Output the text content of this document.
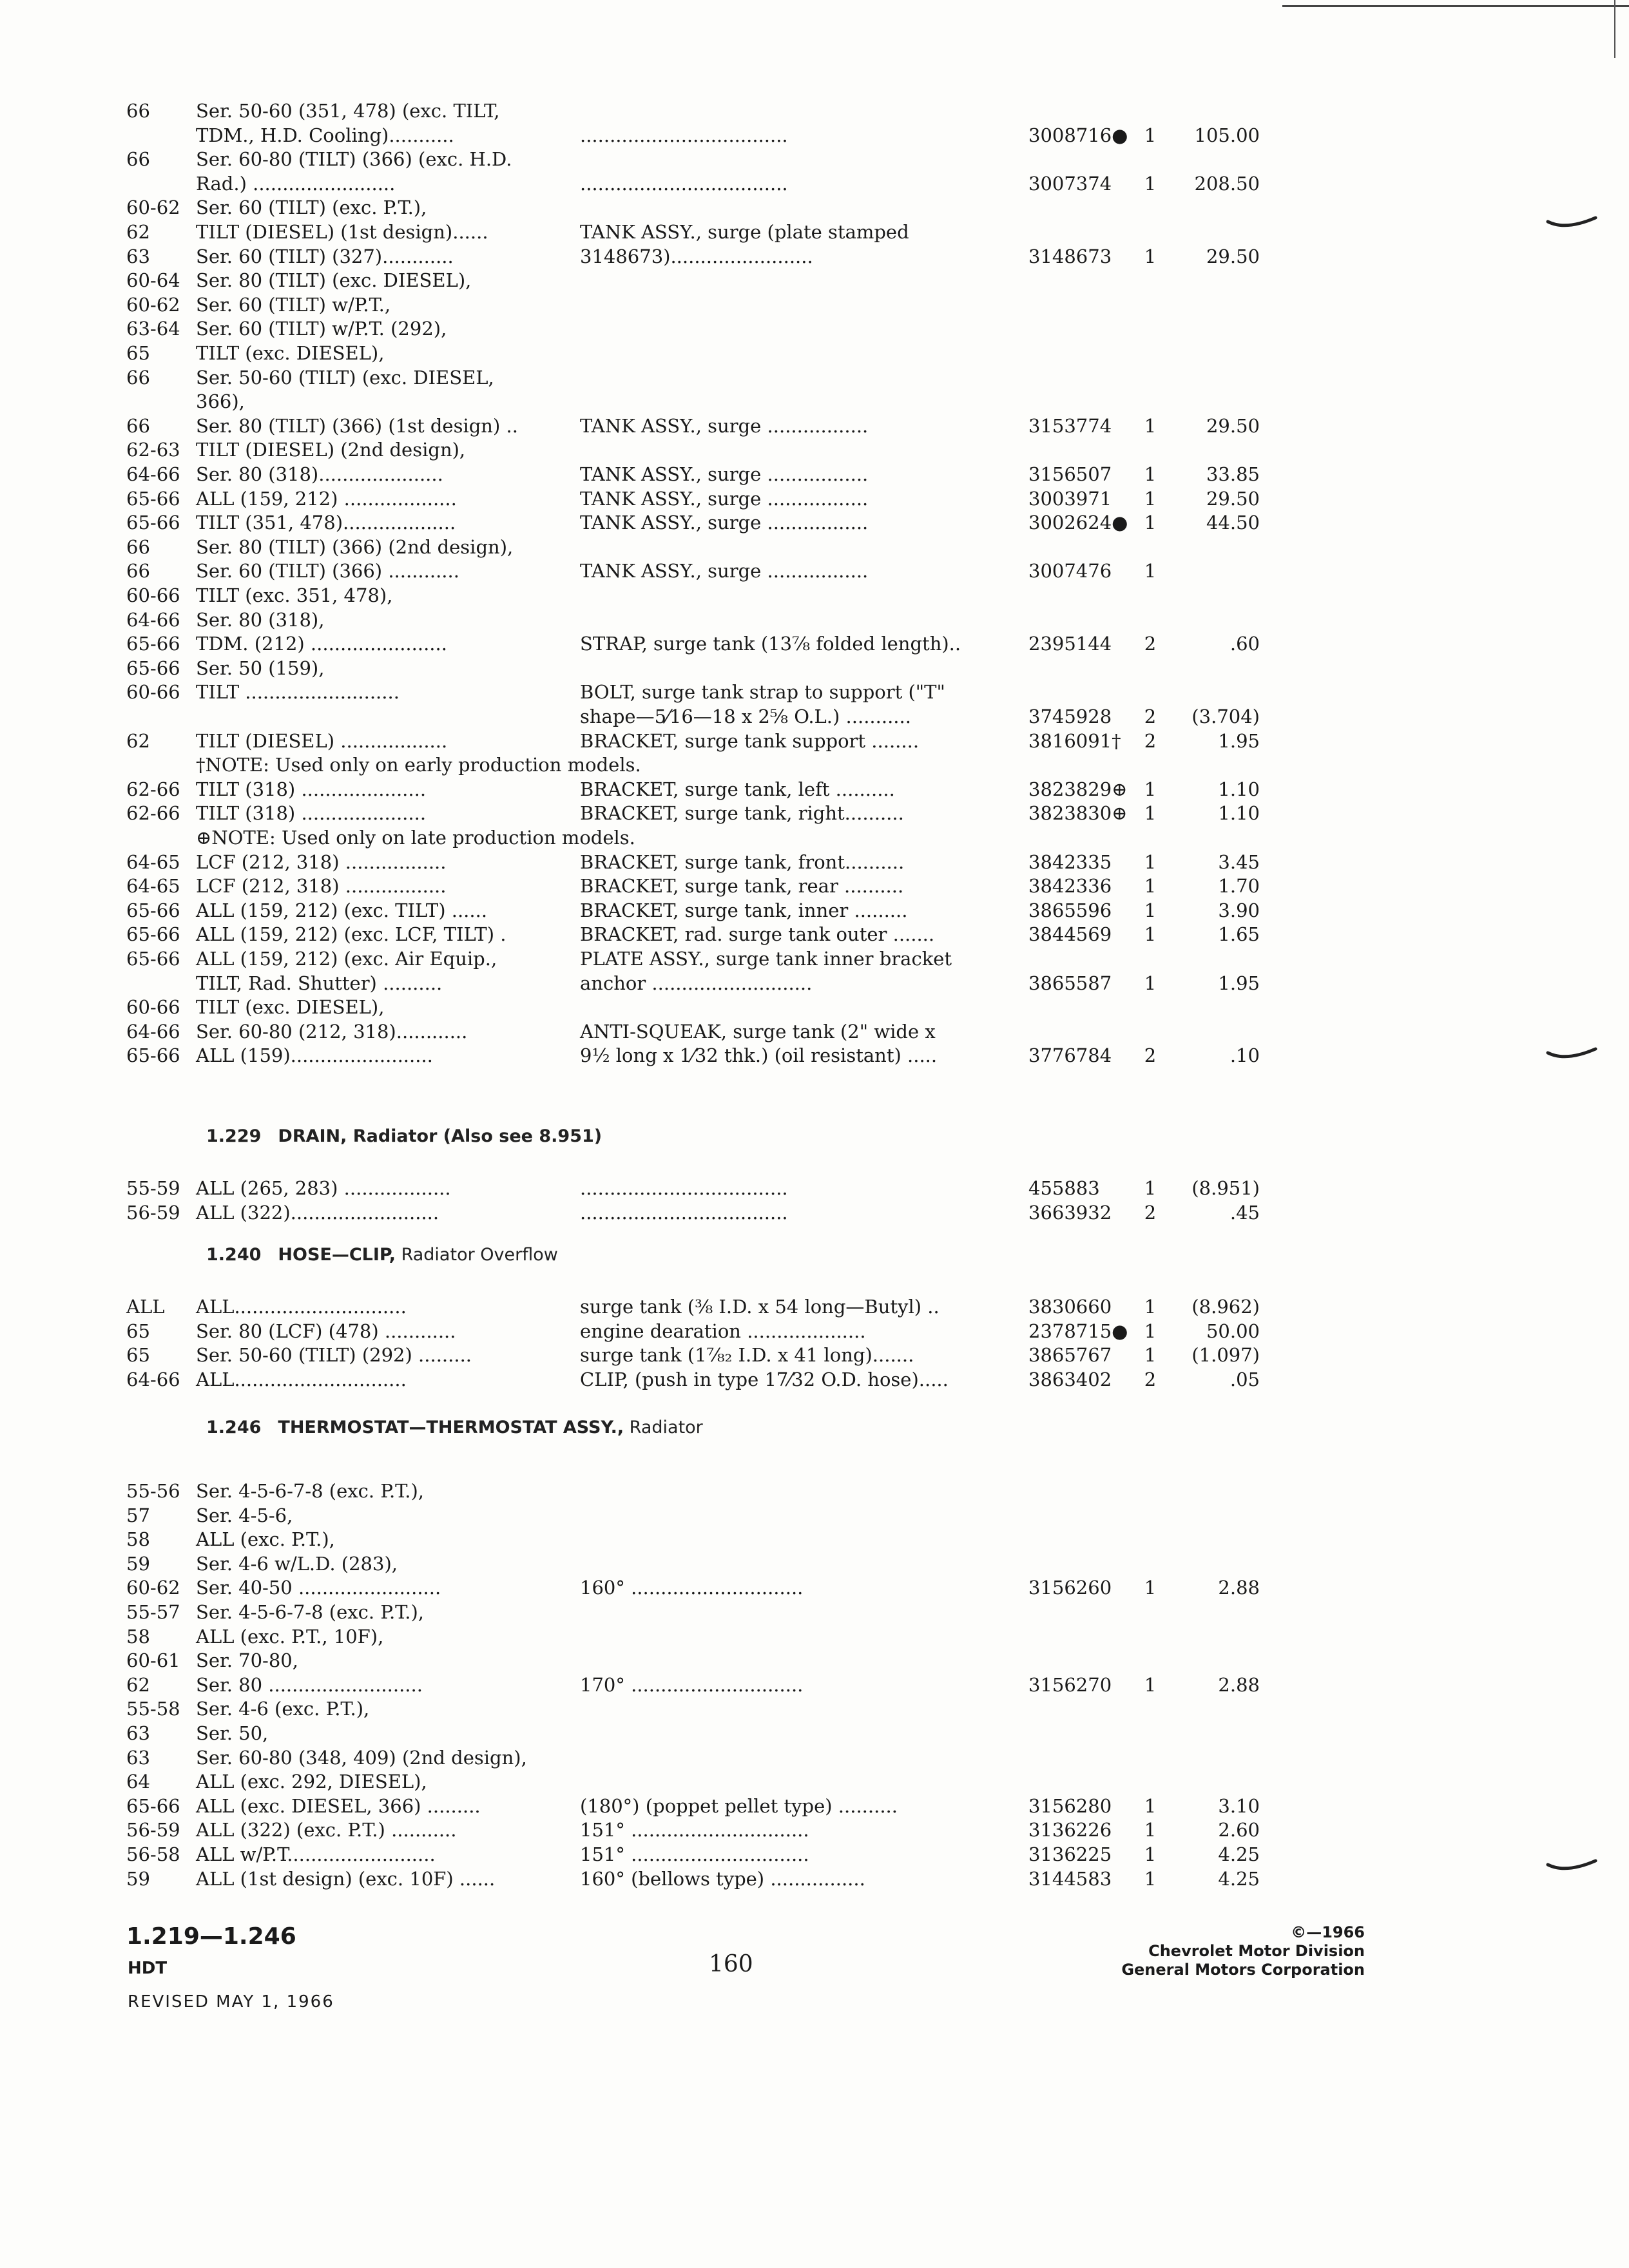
66 Ser. 50-60 (351, 478) (exc. TILT,
TDM., H.D. Cooling)...........	...................................	3008716● 1	105.00
66 Ser. 60-80 (TILT) (366) (exc. H.D.
Rad.) ........................	...................................	3007374	1	208.50
60-62 Ser. 60 (TILT) (exc. P.T.),
62 TILT (DIESEL) (1st design)......	TANK ASSY., surge (plate stamped
63 Ser. 60 (TILT) (327)............	3148673)........................	3148673	1	29.50
60-64 Ser. 80 (TILT) (exc. DIESEL),
60-62 Ser. 60 (TILT) w/P.T.,
63-64 Ser. 60 (TILT) w/P.T. (292),
65 TILT (exc. DIESEL),
66 Ser. 50-60 (TILT) (exc. DIESEL,
366),
66 Ser. 80 (TILT) (366) (1st design) ..	TANK ASSY., surge .................	3153774	1	29.50
62-63 TILT (DIESEL) (2nd design),
64-66 Ser. 80 (318).....................	TANK ASSY., surge .................	3156507	1	33.85
65-66 ALL (159, 212) ...................	TANK ASSY., surge .................	3003971	1	29.50
65-66 TILT (351, 478)...................	TANK ASSY., surge .................	3002624● 1	44.50
66 Ser. 80 (TILT) (366) (2nd design),
66 Ser. 60 (TILT) (366) ............	TANK ASSY., surge .................	3007476	1
60-66 TILT (exc. 351, 478),
64-66 Ser. 80 (318),
65-66 TDM. (212) .......................	STRAP, surge tank (13⅞ folded length)..	2395144	2	.60
65-66 Ser. 50 (159),
60-66 TILT ..........................	BOLT, surge tank strap to support ("T"
shape—5⁄16—18 x 2⅝ O.L.) ...........	3745928	2	(3.704)
62 TILT (DIESEL) ..................	BRACKET, surge tank support ........	3816091†	2	1.95
†NOTE: Used only on early production models.
62-66 TILT (318) .....................	BRACKET, surge tank, left ..........	3823829⊕ 1	1.10
62-66 TILT (318) .....................	BRACKET, surge tank, right..........	3823830⊕ 1	1.10
⊕NOTE: Used only on late production models.
64-65 LCF (212, 318) .................	BRACKET, surge tank, front..........	3842335	1	3.45
64-65 LCF (212, 318) .................	BRACKET, surge tank, rear ..........	3842336	1	1.70
65-66 ALL (159, 212) (exc. TILT) ......	BRACKET, surge tank, inner .........	3865596	1	3.90
65-66 ALL (159, 212) (exc. LCF, TILT) .	BRACKET, rad. surge tank outer .......	3844569	1	1.65
65-66 ALL (159, 212) (exc. Air Equip.,	PLATE ASSY., surge tank inner bracket
TILT, Rad. Shutter) ..........	anchor ...........................	3865587	1	1.95
60-66 TILT (exc. DIESEL),
64-66 Ser. 60-80 (212, 318)............	ANTI-SQUEAK, surge tank (2" wide x
65-66 ALL (159)........................	9½ long x 1⁄32 thk.) (oil resistant) .....	3776784	2	.10
1.229 DRAIN, Radiator (Also see 8.951)
55-59 ALL (265, 283) ..................	...................................	455883	1	(8.951)
56-59 ALL (322).........................	...................................	3663932	2	.45
1.240 HOSE—CLIP, Radiator Overflow
ALL ALL.............................	surge tank (⅜ I.D. x 54 long—Butyl) ..	3830660	1	(8.962)
65 Ser. 80 (LCF) (478) ............	engine dearation ....................	2378715● 1	50.00
65 Ser. 50-60 (TILT) (292) .........	surge tank (1⅞₂ I.D. x 41 long).......	3865767	1	(1.097)
64-66 ALL.............................	CLIP, (push in type 17⁄32 O.D. hose).....	3863402	2	.05
1.246 THERMOSTAT—THERMOSTAT ASSY., Radiator
55-56 Ser. 4-5-6-7-8 (exc. P.T.),
57 Ser. 4-5-6,
58 ALL (exc. P.T.),
59 Ser. 4-6 w/L.D. (283),
60-62 Ser. 40-50 ........................	160° .............................	3156260	1	2.88
55-57 Ser. 4-5-6-7-8 (exc. P.T.),
58 ALL (exc. P.T., 10F),
60-61 Ser. 70-80,
62 Ser. 80 ..........................	170° .............................	3156270	1	2.88
55-58 Ser. 4-6 (exc. P.T.),
63 Ser. 50,
63 Ser. 60-80 (348, 409) (2nd design),
64 ALL (exc. 292, DIESEL),
65-66 ALL (exc. DIESEL, 366) .........	(180°) (poppet pellet type) ..........	3156280	1	3.10
56-59 ALL (322) (exc. P.T.) ...........	151° ..............................	3136226	1	2.60
56-58 ALL w/P.T.........................	151° ..............................	3136225	1	4.25
59 ALL (1st design) (exc. 10F) ......	160° (bellows type) ................	3144583	1	4.25
1.219—1.246
HDT	160
REVISED MAY 1, 1966
©—1966
Chevrolet Motor Division
General Motors Corporation
